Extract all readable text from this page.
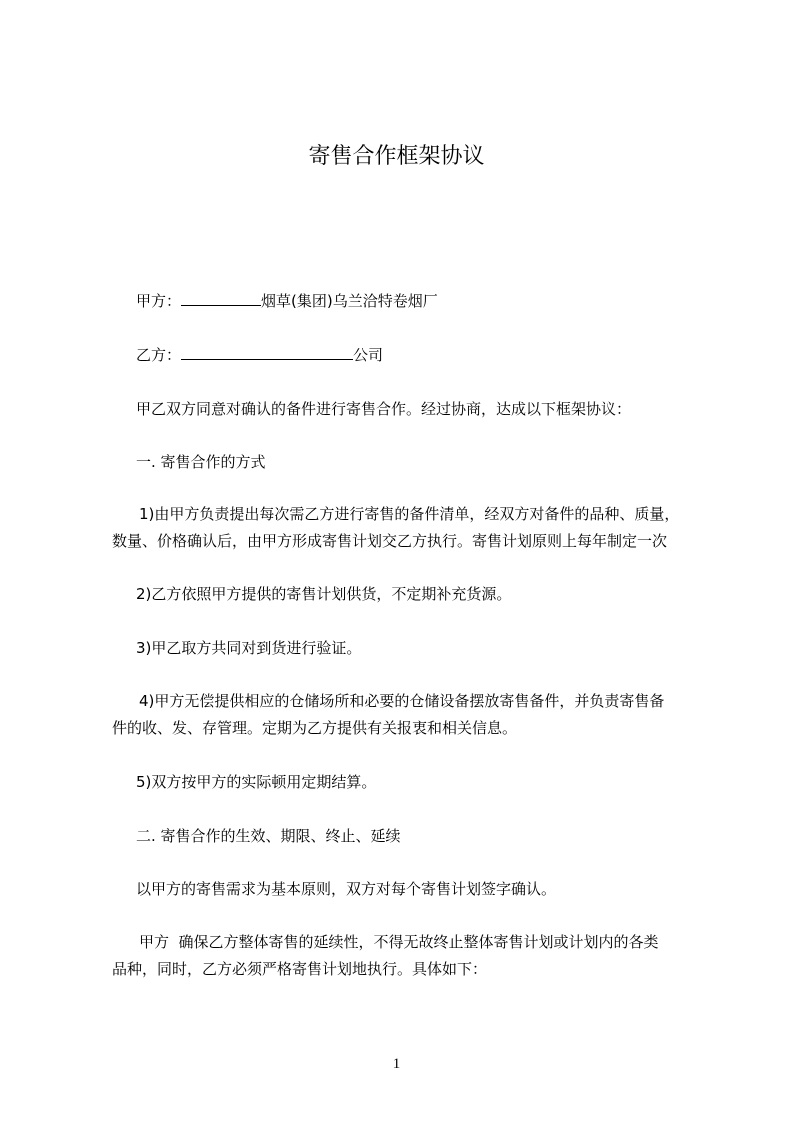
寄售合作框架协议
甲方：	烟草(集团)乌兰洽特卷烟厂
乙方：	公司
甲乙双方同意对确认的备件进行寄售合作。经过协商，达成以下框架协议：
一. 寄售合作的方式
1)由甲方负责提出每次需乙方进行寄售的备件清单，经双方对备件的品种、质量，
数量、价格确认后，由甲方形成寄售计划交乙方执行。寄售计划原则上每年制定一次
2)乙方依照甲方提供的寄售计划供货，不定期补充货源。
3)甲乙取方共同对到货进行验证。
4)甲方无偿提供相应的仓储场所和必要的仓储设备摆放寄售备件，并负责寄售备
件的收、发、存管理。定期为乙方提供有关报衷和相关信息。
5)双方按甲方的实际顿用定期结算。
二. 寄售合作的生效、期限、终止、延续
以甲方的寄售需求为基本原则，双方对每个寄售计划签字确认。
甲方  确保乙方整体寄售的延续性，不得无故终止整体寄售计划或计划内的各类
品种，同时，乙方必须严格寄售计划地执行。具体如下：
1
